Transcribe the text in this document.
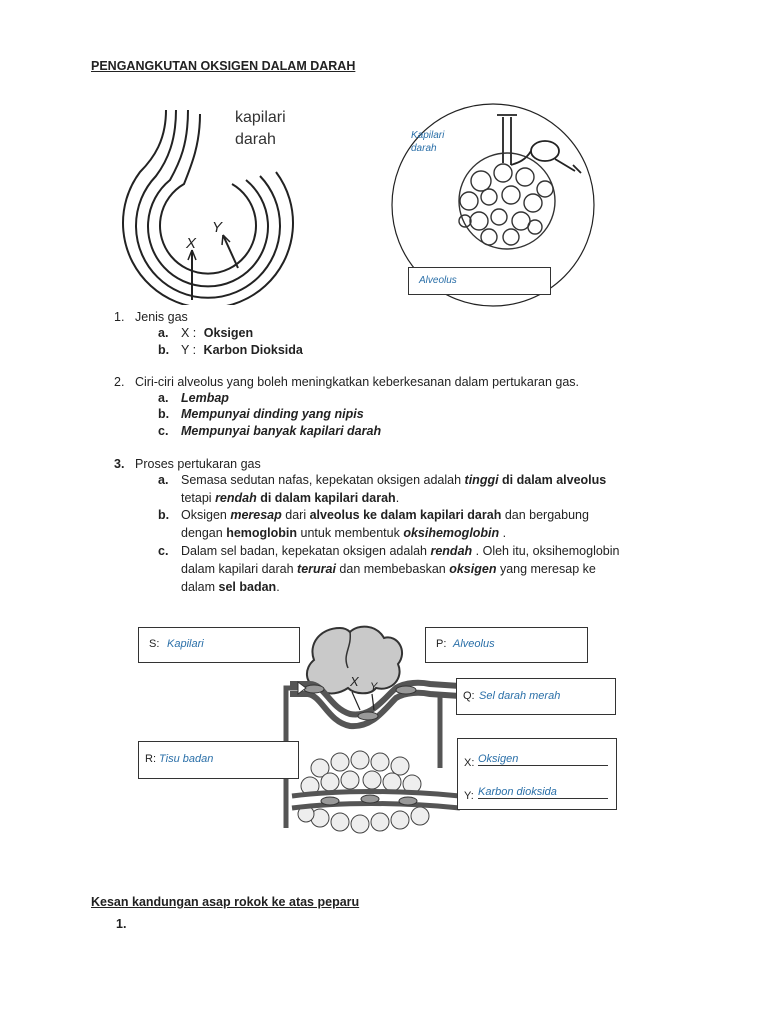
PENGANGKUTAN OKSIGEN DALAM DARAH
kapilari
darah
X
Y
Kapilari
darah
Alveolus
1. Jenis gas
a. X : Oksigen
b. Y : Karbon Dioksida
2. Ciri-ciri alveolus yang boleh meningkatkan keberkesanan dalam pertukaran gas.
a. Lembap
b. Mempunyai dinding yang nipis
c. Mempunyai banyak kapilari darah
3. Proses pertukaran gas
a. Semasa sedutan nafas, kepekatan oksigen adalah tinggi di dalam alveolus
tetapi rendah di dalam kapilari darah.
b. Oksigen meresap dari alveolus ke dalam kapilari darah dan bergabung
dengan hemoglobin untuk membentuk oksihemoglobin .
c. Dalam sel badan, kepekatan oksigen adalah rendah . Oleh itu, oksihemoglobin
dalam kapilari darah terurai dan membebaskan oksigen yang meresap ke
dalam sel badan.
X Y
S: Kapilari	P: Alveolus
Q: Sel darah merah
R: Tisu badan	X: Oksigen
Y: Karbon dioksida
Kesan kandungan asap rokok ke atas peparu
1.
